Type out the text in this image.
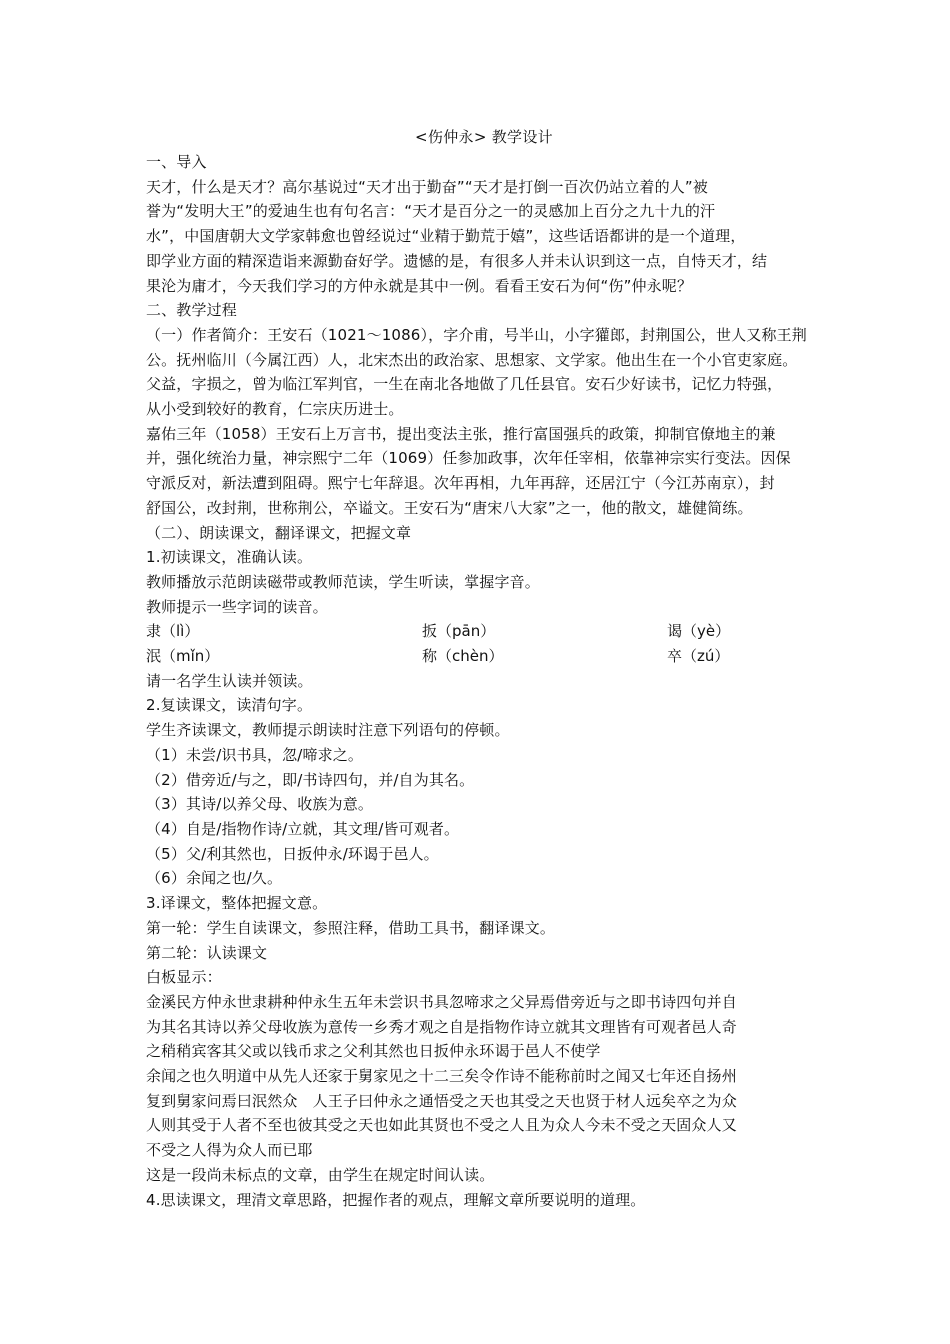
<伤仲永> 教学设计
一、导入
天才，什么是天才？高尔基说过“天才出于勤奋”“天才是打倒一百次仍站立着的人”被
誉为“发明大王”的爱迪生也有句名言：“天才是百分之一的灵感加上百分之九十九的汗
水”，中国唐朝大文学家韩愈也曾经说过“业精于勤荒于嬉”，这些话语都讲的是一个道理，
即学业方面的精深造诣来源勤奋好学。遗憾的是，有很多人并未认识到这一点，自恃天才，结
果沦为庸才，今天我们学习的方仲永就是其中一例。看看王安石为何“伤”仲永呢？
二、教学过程
（一）作者简介：王安石（1021～1086），字介甫，号半山，小字獾郎，封荆国公，世人又称王荆
公。抚州临川（今属江西）人，北宋杰出的政治家、思想家、文学家。他出生在一个小官吏家庭。
父益，字损之，曾为临江军判官，一生在南北各地做了几任县官。安石少好读书，记忆力特强，
从小受到较好的教育，仁宗庆历进士。
嘉佑三年（1058）王安石上万言书，提出变法主张，推行富国强兵的政策，抑制官僚地主的兼
并，强化统治力量，神宗熙宁二年（1069）任参加政事，次年任宰相，依靠神宗实行变法。因保
守派反对，新法遭到阻碍。熙宁七年辞退。次年再相，九年再辞，还居江宁（今江苏南京），封
舒国公，改封荆，世称荆公，卒谥文。王安石为“唐宋八大家”之一，他的散文，雄健简练。
（二）、朗读课文，翻译课文，把握文章
1.初读课文，准确认读。
教师播放示范朗读磁带或教师范读，学生听读，掌握字音。
教师提示一些字词的读音。
隶（lì）	扳（pān）	谒（yè）
泯（mǐn）	称（chèn）	卒（zú）
请一名学生认读并领读。
2.复读课文，读清句字。
学生齐读课文，教师提示朗读时注意下列语句的停顿。
（1）未尝/识书具，忽/啼求之。
（2）借旁近/与之，即/书诗四句，并/自为其名。
（3）其诗/以养父母、收族为意。
（4）自是/指物作诗/立就，其文理/皆可观者。
（5）父/利其然也，日扳仲永/环谒于邑人。
（6）余闻之也/久。
3.译课文，整体把握文意。
第一轮：学生自读课文，参照注释，借助工具书，翻译课文。
第二轮：认读课文
白板显示：
金溪民方仲永世隶耕种仲永生五年未尝识书具忽啼求之父异焉借旁近与之即书诗四句并自
为其名其诗以养父母收族为意传一乡秀才观之自是指物作诗立就其文理皆有可观者邑人奇
之稍稍宾客其父或以钱币求之父利其然也日扳仲永环谒于邑人不使学
余闻之也久明道中从先人还家于舅家见之十二三矣令作诗不能称前时之闻又七年还自扬州
复到舅家问焉曰泯然众　人王子曰仲永之通悟受之天也其受之天也贤于材人远矣卒之为众
人则其受于人者不至也彼其受之天也如此其贤也不受之人且为众人今未不受之天固众人又
不受之人得为众人而已耶
这是一段尚未标点的文章，由学生在规定时间认读。
4.思读课文，理清文章思路，把握作者的观点，理解文章所要说明的道理。
